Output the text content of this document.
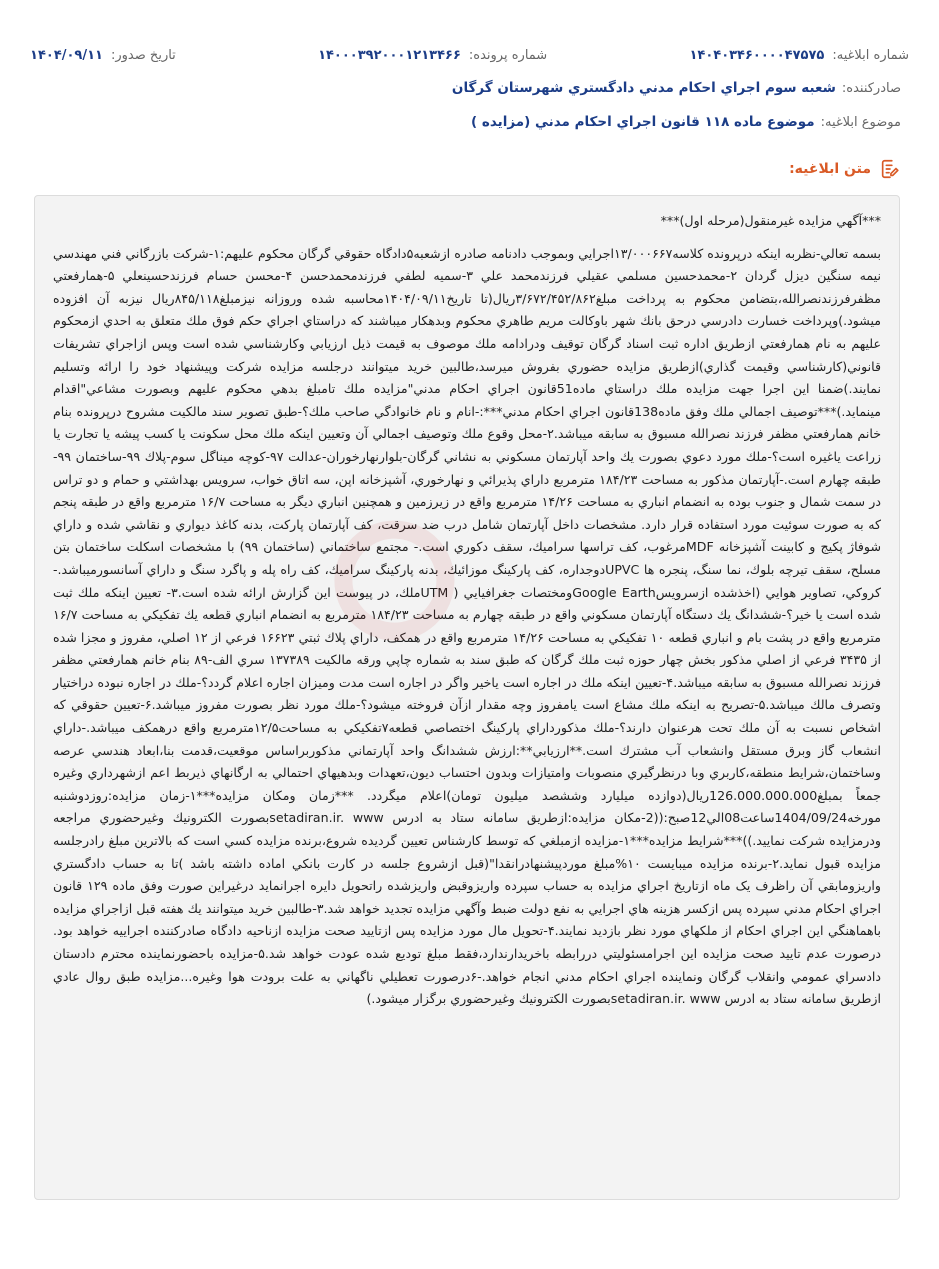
شماره ابلاغیه:
۱۴۰۴۰۳۴۶۰۰۰۰۴۷۵۷۵
شماره پرونده:
۱۴۰۰۰۳۹۲۰۰۰۱۲۱۳۴۶۶
تاریخ صدور:
۱۴۰۴/۰۹/۱۱
صادرکننده:
شعبه سوم اجراي احكام مدني دادگستري شهرستان گرگان
موضوع ابلاغیه:
موضوع ماده ۱۱۸ قانون اجراي احكام مدني (مزايده )
متن ابلاغیه:

***آگهي مزايده غيرمنقول(مرحله اول)***

بسمه تعالي-نظربه اينكه درپرونده كلاسه۱۳/۰۰۰۶۶۷اجرايي وبموجب دادنامه صادره ازشعبه۵دادگاه حقوقي گرگان محكوم عليهم:۱-شركت بازرگاني فني مهندسي نيمه سنگين ديزل گردان ۲-محمدحسين مسلمي عقيلي فرزندمحمد علي ۳-سميه لطفي فرزندمحمدحسن ۴-محسن حسام فرزندحسينعلي ۵-همارفعتي مظفرفرزندنصرالله،بتضامن محكوم به پرداخت مبلغ۳/۶۷۲/۴۵۲/۸۶۲ريال(تا تاريخ۱۴۰۴/۰۹/۱۱محاسبه شده وروزانه نيزمبلغ۸۴۵/۱۱۸ريال نيزبه آن افزوده ميشود.)وپرداخت خسارت دادرسي درحق بانك شهر باوكالت مريم طاهري محكوم وبدهكار ميباشند كه دراستاي اجراي حكم فوق ملك متعلق به احدي ازمحكوم عليهم به نام همارفعتي ازطريق اداره ثبت اسناد گرگان توقيف ودرادامه ملك موصوف به قيمت ذيل ارزيابي وكارشناسي شده است وپس ازاجراي تشريفات قانوني(كارشناسي وقيمت گذاري)ازطريق مزايده حضوري بفروش ميرسد،طالبين خريد ميتوانند درجلسه مزايده شركت وپيشنهاد خود را ارائه وتسليم نمايند.)ضمنا اين اجرا جهت مزايده ملك دراستاي ماده51قانون اجراي احكام مدني"مزايده ملك تامبلغ بدهي محكوم عليهم وبصورت مشاعي"اقدام مينمايد.)***توصيف اجمالي ملك وفق ماده138قانون اجراي احكام مدني***:-انام و نام خانوادگي صاحب ملك؟-طبق تصوير سند مالكيت مشروح درپرونده بنام خانم همارفعتي مظفر فرزند نصرالله مسبوق به سابقه ميباشد.۲-محل وقوع ملك وتوصيف اجمالي آن وتعيين اينكه ملك محل سكونت يا كسب پيشه يا تجارت يا زراعت ياغيره است؟-ملك مورد دعوي بصورت يك واحد آپارتمان مسكوني به نشاني گرگان-بلوارنهارخوران-عدالت ۹۷-كوچه ميناگل سوم-پلاك ۹۹-ساختمان ۹۹-طبقه چهارم است.-آپارتمان مذكور به مساحت ۱۸۴/۲۳ مترمربع داراي پذيرائي و نهارخوري، آشپزخانه اپن، سه اتاق خواب، سرويس بهداشتي و حمام و دو تراس در سمت شمال و جنوب بوده به انضمام انباري به مساحت ۱۴/۲۶ مترمربع واقع در زيرزمين و همچنين انباري ديگر به مساحت ۱۶/۷ مترمربع واقع در طبقه پنجم كه به صورت سوئيت مورد استفاده قرار دارد. مشخصات داخل آپارتمان شامل درب ضد سرقت، كف آپارتمان پاركت، بدنه كاغذ ديواري و نقاشي شده و داراي شوفاژ پكيج و كابينت آشپزخانه MDFمرغوب، كف تراسها سراميك، سقف دكوري است.- مجتمع ساختماني (ساختمان ۹۹) با مشخصات اسكلت ساختمان بتن مسلح، سقف تيرچه بلوك، نما سنگ، پنجره ها UPVCدوجداره، كف پاركينگ موزائيك، بدنه پاركينگ سراميك، كف راه پله و پاگرد سنگ و داراي آسانسورميباشد.-كروكي، تصاوير هوايي (اخذشده ازسرويسGoogle Earthومختصات جغرافيايي ( UTMملك، در پيوست اين گزارش ارائه شده است.۳- تعيين اينكه ملك ثبت شده است يا خير؟-ششدانگ يك دستگاه آپارتمان مسكوني واقع در طبقه چهارم به مساحت ۱۸۴/۲۳ مترمربع به انضمام انباري قطعه يك تفكيكي به مساحت ۱۶/۷ مترمربع واقع در پشت بام و انباري قطعه ۱۰ تفكيكي به مساحت ۱۴/۲۶ مترمربع واقع در همكف، داراي پلاك ثبتي ۱۶۶۲۳ فرعي از ۱۲ اصلي، مفروز و مجزا شده از ۳۴۳۵ فرعي از اصلي مذكور بخش چهار حوزه ثبت ملك گرگان كه طبق سند به شماره چاپي ورقه مالكيت ۱۳۷۳۸۹ سري الف-۸۹ بنام خانم همارفعتي مظفر فرزند نصرالله مسبوق به سابقه ميباشد.۴-تعيين اينكه ملك در اجاره است ياخير واگر در اجاره است مدت وميزان اجاره اعلام گردد؟-ملك در اجاره نبوده دراختيار وتصرف مالك ميباشد.۵-تصريح به اينكه ملك مشاع است يامفروز وچه مقدار ازآن فروخته ميشود؟-ملك مورد نظر بصورت مفروز ميباشد.۶-تعيين حقوقي كه اشخاص نسبت به آن ملك تحت هرعنوان دارند؟-ملك مذكورداراي پاركينگ اختصاصي قطعه۷تفكيكي به مساحت۱۲/۵مترمربع واقع درهمكف ميباشد.-داراي انشعاب گاز وبرق مستقل وانشعاب آب مشترك است.**ارزيابي**:ارزش ششدانگ واحد آپارتماني مذكوربراساس موقعيت،قدمت بنا،ابعاد هندسي عرصه وساختمان،شرايط منطقه،كاربري وبا درنظرگيري منصوبات وامتيازات وبدون احتساب ديون،تعهدات وبدهيهاي احتمالي به ارگانهاي ذيربط اعم ازشهرداري وغيره جمعاً بمبلغ126.000.000.000ريال(دوازده ميليارد وششصد ميليون تومان)اعلام ميگردد. ***زمان ومكان مزايده***۱-زمان مزايده:روزدوشنبه مورخه1404/09/24ساعت08الي12صبح:((2-مكان مزايده:ازطريق سامانه ستاد به ادرس setadiran.ir. wwwبصورت الكترونيك وغيرحضوري مراجعه ودرمزايده شركت نماييد.))***شرايط مزايده***۱-مزايده ازمبلغي كه توسط كارشناس تعيين گرديده شروع،برنده مزايده كسي است كه بالاترين مبلغ رادرجلسه مزايده قبول نمايد.۲-برنده مزايده ميبايست ۱۰%مبلغ موردپيشنهادرانقدا"(قبل ازشروع جلسه در كارت بانكي اماده داشته باشد )تا به حساب دادگستري واريزومابقي آن راظرف يک ماه ازتاريخ اجراي مزايده به حساب سپرده واريزوقبض واريزشده راتحويل دايره اجرانمايد درغيراين صورت وفق ماده ۱۲۹ قانون اجراي احكام مدني سپرده پس ازكسر هزينه هاي اجرايي به نفع دولت ضبط وآگهي مزايده تجديد خواهد شد.۳-طالبين خريد ميتوانند يك هفته قبل ازاجراي مزايده باهماهنگي اين اجراي احكام از ملكهاي مورد نظر بازديد نمايند.۴-تحويل مال مورد مزايده پس ازتاييد صحت مزايده ازناحيه دادگاه صادركننده اجراييه خواهد بود. درصورت عدم تاييد صحت مزايده اين اجرامسئوليتي دررابطه باخريدارندارد،فقط مبلغ توديع شده عودت خواهد شد.۵-مزايده باحضورنماينده محترم دادستان دادسراي عمومي وانقلاب گرگان ونماينده اجراي احكام مدني انجام خواهد.-۶درصورت تعطيلي ناگهاني به علت برودت هوا وغيره...مزايده طبق روال عادي ازطريق سامانه ستاد به ادرس setadiran.ir. wwwبصورت الكترونيك وغيرحضوري برگزار ميشود.)
